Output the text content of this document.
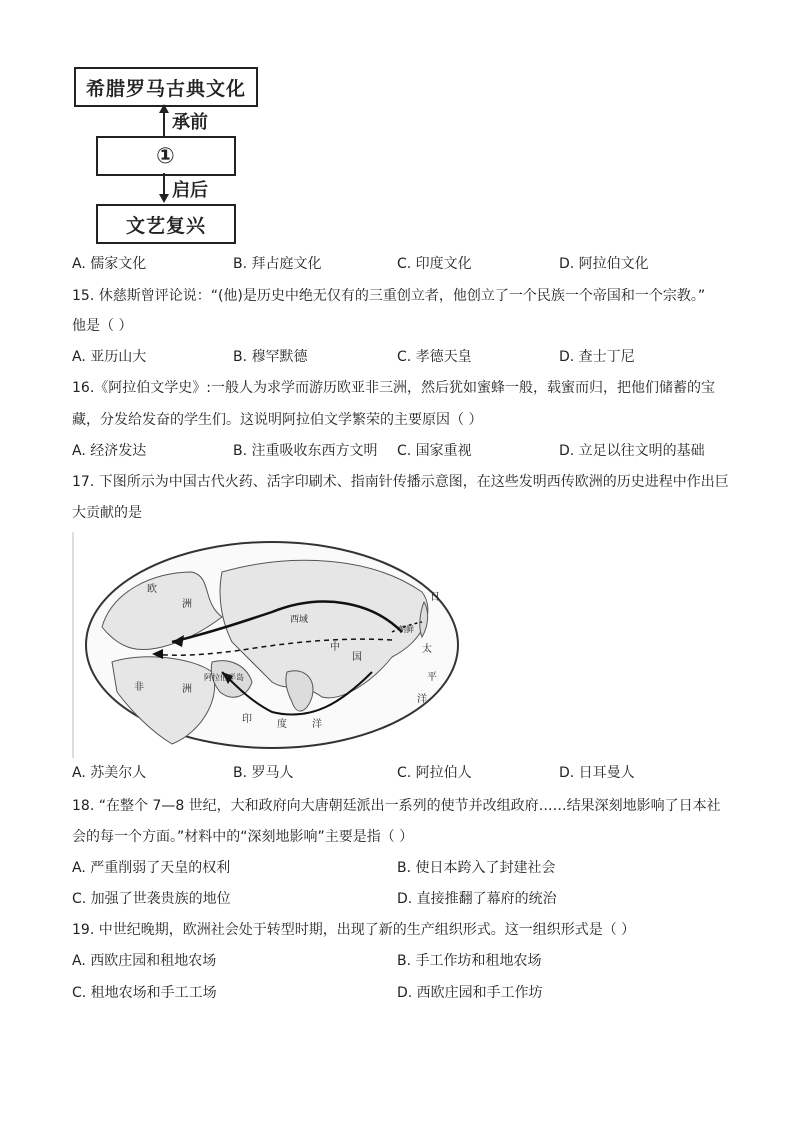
希腊罗马古典文化
①
文艺复兴
承前
启后
A. 儒家文化	B. 拜占庭文化	C. 印度文化	D. 阿拉伯文化
15. 休慈斯曾评论说：“(他)是历史中绝无仅有的三重创立者，他创立了一个民族一个帝国和一个宗教。”
他是（ ）
A. 亚历山大	B. 穆罕默德	C. 孝德天皇	D. 查士丁尼
16.《阿拉伯文学史》:一般人为求学而游历欧亚非三洲，然后犹如蜜蜂一般，载蜜而归，把他们储蓄的宝
藏，分发给发奋的学生们。这说明阿拉伯文学繁荣的主要原因（ ）
A. 经济发达	B. 注重吸收东西方文明 C. 国家重视	D. 立足以往文明的基础
17. 下图所示为中国古代火药、活字印刷术、指南针传播示意图，在这些发明西传欧洲的历史进程中作出巨
大贡献的是
欧
洲
西域
阿拉伯半岛
非	洲
中
国
印	度	洋
太
平
洋
日
朝鲜
A. 苏美尔人	B. 罗马人	C. 阿拉伯人	D. 日耳曼人
18. “在整个 7—8 世纪，大和政府向大唐朝廷派出一系列的使节并改组政府……结果深刻地影响了日本社
会的每一个方面。”材料中的“深刻地影响”主要是指（ ）
A. 严重削弱了天皇的权利	B. 使日本跨入了封建社会
C. 加强了世袭贵族的地位	D. 直接推翻了幕府的统治
19. 中世纪晚期，欧洲社会处于转型时期，出现了新的生产组织形式。这一组织形式是（ ）
A. 西欧庄园和租地农场	B. 手工作坊和租地农场
C. 租地农场和手工工场	D. 西欧庄园和手工作坊
